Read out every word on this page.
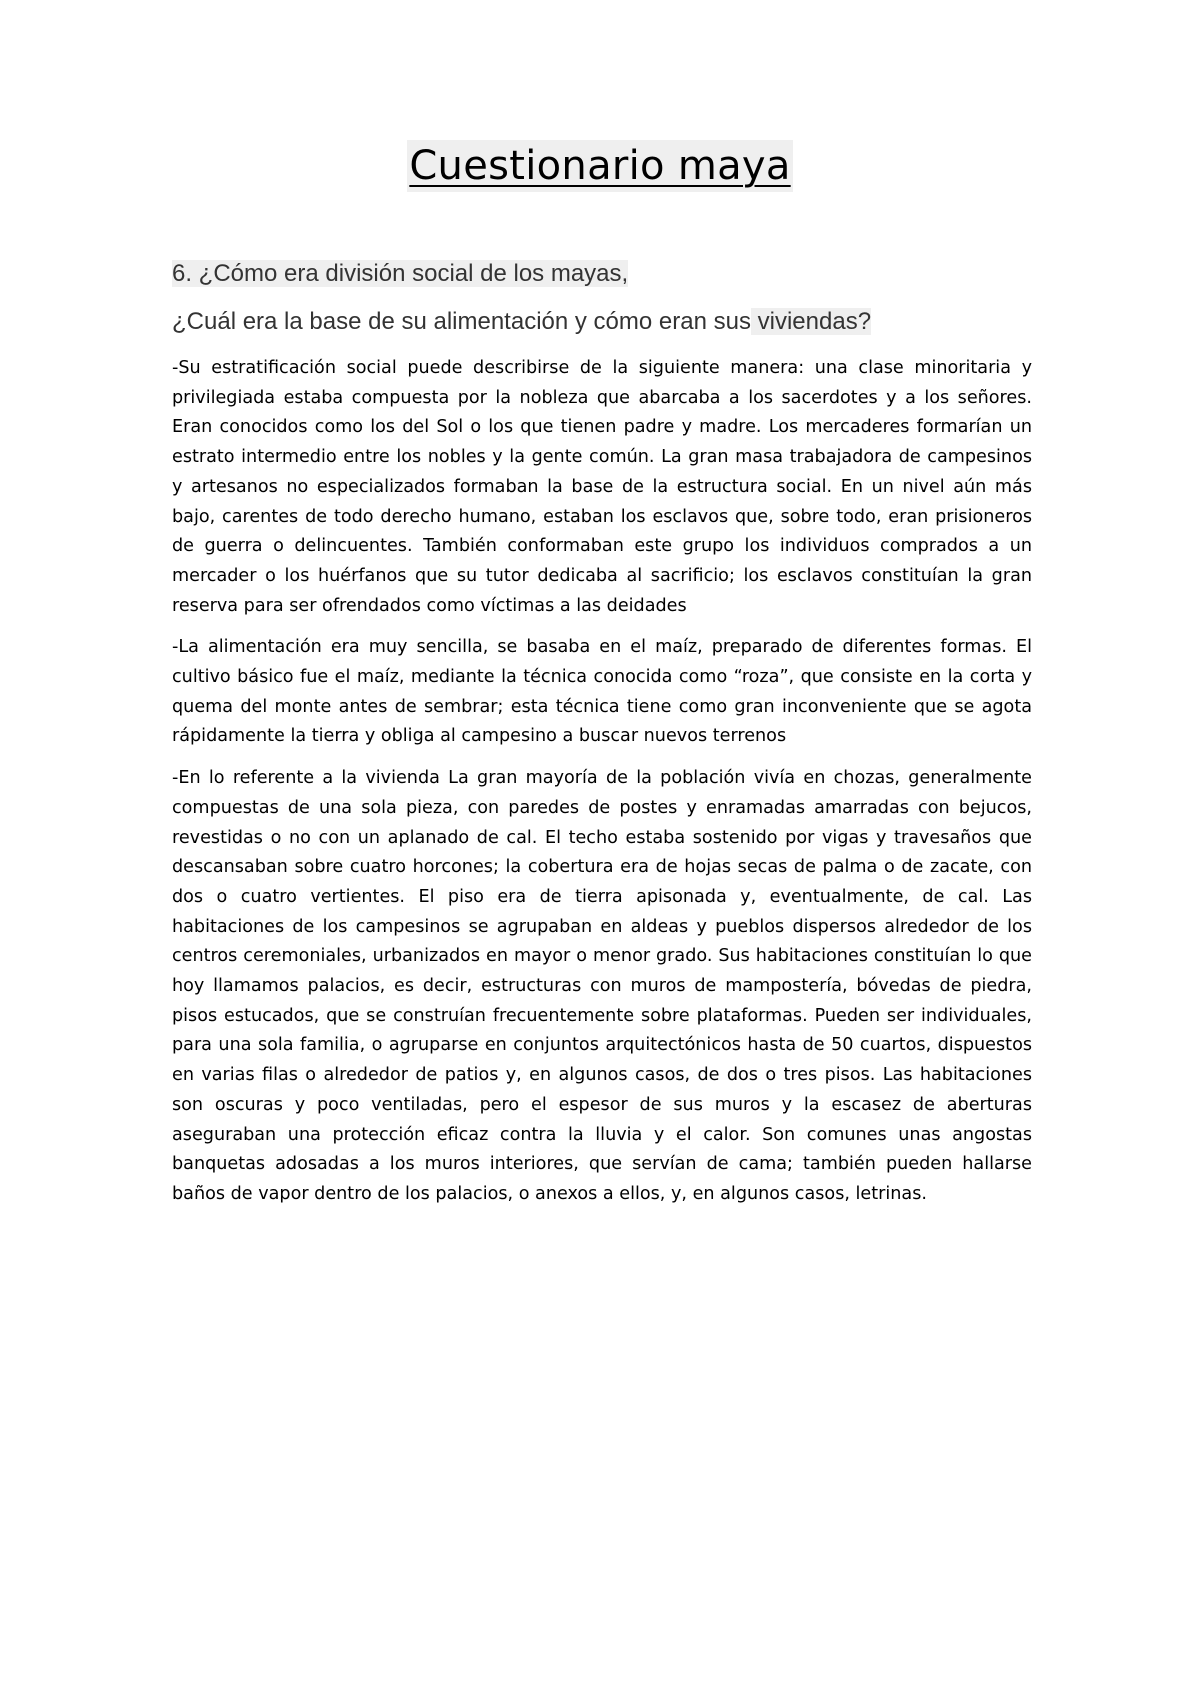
Cuestionario maya
6. ¿Cómo era división social de los mayas,
¿Cuál era la base de su alimentación y cómo eran sus viviendas?

-Su estratificación social puede describirse de la siguiente manera: una clase minoritaria y privilegiada estaba compuesta por la nobleza que abarcaba a los sacerdotes y a los señores. Eran conocidos como los del Sol o los que tienen padre y madre. Los mercaderes formarían un estrato intermedio entre los nobles y la gente común. La gran masa trabajadora de campesinos y artesanos no especializados formaban la base de la estructura social. En un nivel aún más bajo, carentes de todo derecho humano, estaban los esclavos que, sobre todo, eran prisioneros de guerra o delincuentes. También conformaban este grupo los individuos comprados a un mercader o los huérfanos que su tutor dedicaba al sacrificio; los esclavos constituían la gran reserva para ser ofrendados como víctimas a las deidades

-La alimentación era muy sencilla, se basaba en el maíz, preparado de diferentes formas. El cultivo básico fue el maíz, mediante la técnica conocida como “roza”, que consiste en la corta y quema del monte antes de sembrar; esta técnica tiene como gran inconveniente que se agota rápidamente la tierra y obliga al campesino a buscar nuevos terrenos

-En lo referente a la vivienda La gran mayoría de la población vivía en chozas, generalmente compuestas de una sola pieza, con paredes de postes y enramadas amarradas con bejucos, revestidas o no con un aplanado de cal. El techo estaba sostenido por vigas y travesaños que descansaban sobre cuatro horcones; la cobertura era de hojas secas de palma o de zacate, con dos o cuatro vertientes. El piso era de tierra apisonada y, eventualmente, de cal. Las habitaciones de los campesinos se agrupaban en aldeas y pueblos dispersos alrededor de los centros ceremoniales, urbanizados en mayor o menor grado. Sus habitaciones constituían lo que hoy llamamos palacios, es decir, estructuras con muros de mampostería, bóvedas de piedra, pisos estucados, que se construían frecuentemente sobre plataformas. Pueden ser individuales, para una sola familia, o agruparse en conjuntos arquitectónicos hasta de 50 cuartos, dispuestos en varias filas o alrededor de patios y, en algunos casos, de dos o tres pisos. Las habitaciones son oscuras y poco ventiladas, pero el espesor de sus muros y la escasez de aberturas aseguraban una protección eficaz contra la lluvia y el calor. Son comunes unas angostas banquetas adosadas a los muros interiores, que servían de cama; también pueden hallarse baños de vapor dentro de los palacios, o anexos a ellos, y, en algunos casos, letrinas.
